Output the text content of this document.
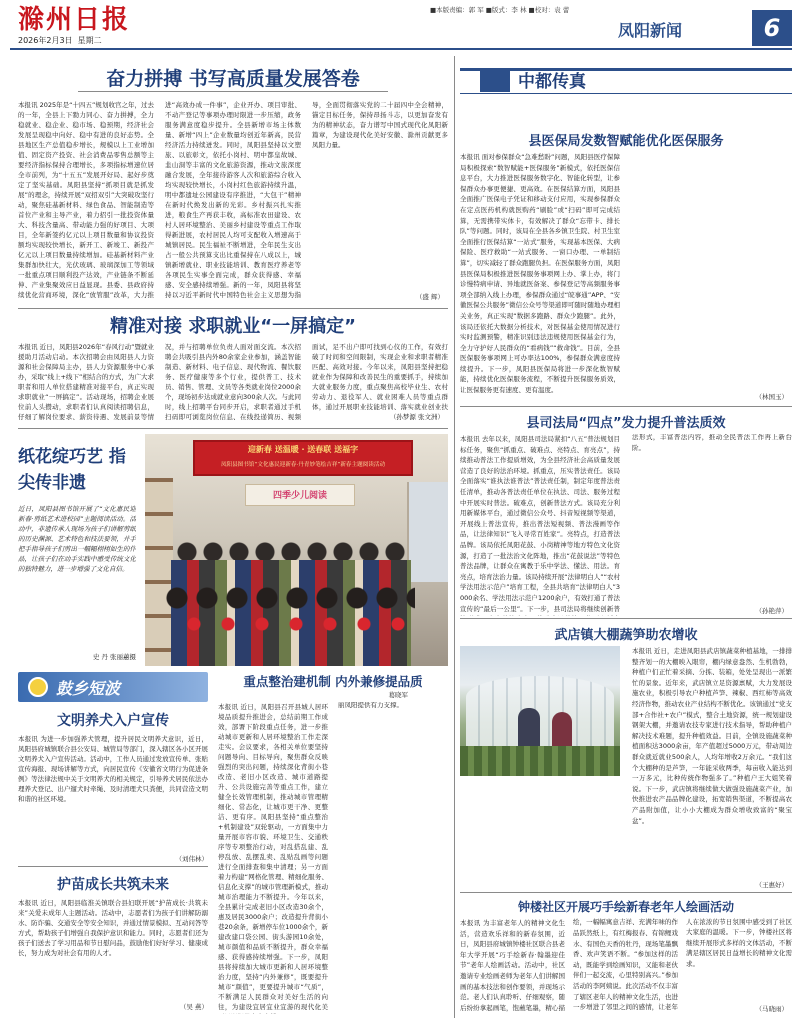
滁州日报
2026年2月3日 星期二
■本版责编：郭 军 ■版式：李 林 ■校对：袁 蕾
凤阳新闻	6
奋力拼搏 书写高质量发展答卷
本报讯 2025年是“十四五”规划收官之年，过去的一年，全县上下勠力同心、奋力拼搏，全力稳就业、稳企业、稳市场、稳预期，经济社会发展呈现稳中向好、稳中有进的良好态势。全县地区生产总值稳步增长，规模以上工业增加值、固定资产投资、社会消费品零售总额等主要经济指标保持合理增长，多项指标增速位居全市前列，为“十五五”发展开好局、起好步奠定了坚实基础。凤阳县坚持“抓项目就是抓发展”的理念，持续开展“双招双引”大突破攻坚行动，聚焦硅基新材料、绿色食品、智能制造等首位产业和主导产业，着力招引一批投资体量大、科技含量高、带动能力强的好项目、大项目，全年新签约亿元以上项目数量和协议投资额均实现较快增长，新开工、新竣工、新投产亿元以上项目数量持续增加。硅基新材料产业集群加快壮大，光伏玻璃、玻璃深加工等领域一批重点项目顺利投产达效，产业链条不断延伸、产业集聚效应日益显现。县委、县政府持续优化营商环境，深化“放管服”改革，大力推
进“高效办成一件事”，企业开办、项目审批、不动产登记等事项办理时限进一步压缩，政务服务满意度稳步提升。全县新增市场主体数量、新增“四上”企业数量均创近年新高，民营经济活力持续迸发。同时，凤阳县坚持以文塑旅、以旅彰文，依托小岗村、明中都皇故城、韭山洞等丰富的文化旅游资源，推动文旅深度融合发展，全年接待游客人次和旅游综合收入均实现较快增长，小岗村红色旅游持续升温，明中都遗址公园建设有序推进，“大包干”精神在新时代焕发出新的光彩。乡村振兴扎实推进，粮食生产再获丰收，高标准农田建设、农村人居环境整治、美丽乡村建设等重点工作取得新进展，农村居民人均可支配收入增速高于城镇居民。民生福祉不断增进，全年民生支出占一般公共预算支出比重保持在八成以上，城镇新增就业、职业技能培训、教育医疗养老等各项民生实事全面完成，群众获得感、幸福感、安全感持续增强。新的一年，凤阳县将坚持以习近平新时代中国特色社会主义思想为指
导，全面贯彻落实党的二十届四中全会精神，锚定目标任务，保持昂扬斗志，以更加奋发有为的精神状态，奋力谱写中国式现代化凤阳新篇章，为建设现代化美好安徽、滁州贡献更多凤阳力量。
（盛 辉）
精准对接 求职就业“一屏搞定”
本报讯 近日，凤阳县2026年“春风行动”暨就业援助月活动启动。本次招聘会由凤阳县人力资源和社会保障局主办，县人力资源服务中心承办，采取“线上+线下”相结合的方式，为广大求职者和用人单位搭建精准对接平台，真正实现求职就业“一屏搞定”。活动现场，招聘企业展位前人头攒动，求职者们认真阅读招聘信息，仔细了解岗位要求、薪资待遇、发展前景等情
况，并与招聘单位负责人面对面交流。本次招聘会共吸引县内外80余家企业参加，涵盖智能制造、新材料、电子信息、现代物流、餐饮服务、医疗健康等多个行业，提供普工、技术员、销售、管理、文员等各类就业岗位2000余个，现场初步达成就业意向300余人次。与此同时，线上招聘平台同步开启，求职者通过手机扫码即可浏览岗位信息、在线投递简历、视频
面试，足不出户即可找到心仪的工作，有效打破了时间和空间限制，实现企业和求职者精准匹配、高效对接。今年以来，凤阳县坚持把稳就业作为保障和改善民生的重要抓手，持续加大就业服务力度，重点聚焦高校毕业生、农村劳动力、退役军人、就业困难人员等重点群体，通过开展职业技能培训、落实就业创业扶
（孙梦源 张文洲）
纸花绽巧艺 指尖传非遗
近日，凤阳县图书馆开展了“文化惠民迎新春·剪纸艺术进校园”主题阅读活动。活动中，非遗传承人现场为孩子们讲解剪纸的历史渊源、艺术特色和技法要领，并手把手指导孩子们剪出一幅幅栩栩如生的作品，让孩子们在动手实践中感受传统文化的独特魅力，进一步增强了文化自信。
史 丹 张丽蕙摄
迎新春 送温暖 · 送春联 送福字
凤阳县图书馆“文化惠民迎新春·丹青妙笔绘吉祥”新春主题阅读活动
四季少儿阅读
鼓乡短波
文明养犬入户宣传
本报讯 为进一步加强养犬管理，提升居民文明养犬意识，近日，凤阳县府城镇联合县公安局、城管局等部门，深入辖区各小区开展文明养犬入户宣传活动。活动中，工作人员通过发放宣传单、张贴宣传海报、现场讲解等方式，向居民宣传《安徽省文明行为促进条例》等法律法规中关于文明养犬的相关规定，引导养犬居民依法办理养犬登记、出户遛犬时牵绳、及时清理犬只粪便，共同营造文明和谐的社区环境。
（刘伟林）
护苗成长共筑未来
本报讯 近日，凤阳县临淮关镇联合县妇联开展“护苗成长·共筑未来”关爱未成年人主题活动。活动中，志愿者们为孩子们讲解防溺水、防诈骗、交通安全等安全知识，并通过情景模拟、互动问答等方式，帮助孩子们增强自我保护意识和能力。同时，志愿者们还为孩子们送去了学习用品和节日慰问品，鼓励他们好好学习、健康成长，努力成为对社会有用的人才。
（吴 燕）
重点整治建机制 内外兼修提品质
葛晓军
本报讯 近日，凤阳县召开县城人居环境品质提升推进会，总结前期工作成效，部署下阶段重点任务，进一步推动城市更新和人居环境整治工作走深走实。会议要求，各相关单位要坚持问题导向、目标导向，聚焦群众反映强烈的突出问题，持续深化背街小巷改造、老旧小区改造、城市道路提升、公共设施完善等重点工作，建立健全长效管理机制，推动城市管理精细化、常态化，让城市更干净、更整洁、更有序。凤阳县坚持“重点整治+机制建设”双轮驱动，一方面集中力量开展市容市貌、环境卫生、交通秩序等专项整治行动，对乱搭乱建、乱停乱放、乱摆乱卖、乱贴乱画等问题进行全面排查和集中清理；另一方面着力构建“网格化管理、精细化服务、信息化支撑”的城市管理新模式，推动城市治理能力不断提升。今年以来，全县累计完成老旧小区改造30余个，惠及居民3000余户；改造提升背街小巷20余条，新增停车位1000余个，新建改建口袋公园、街头游园10余处，城市颜值和品质不断提升，群众幸福感、获得感持续增强。下一步，凤阳县将持续加大城市更新和人居环境整治力度，坚持“内外兼修”，既要提升城市“颜值”，更要提升城市“气质”，不断满足人民群众对美好生活的向往，为建设宜居宜业宜游的现代化美
丽凤阳提供有力支撑。
中都传真
县医保局发数智赋能优化医保服务
本报讯 面对参保群众“急难愁盼”问题，凤阳县医疗保障局积极探索“数智赋能+医保服务”新模式，依托医保信息平台，大力推进医保服务数字化、智能化转型，让参保群众办事更便捷、更高效。在医保结算方面，凤阳县全面推广医保电子凭证和移动支付应用，实现参保群众在定点医药机构就医购药“刷脸”或“扫码”即可完成结算，无需携带实体卡，有效解决了群众“忘带卡、排长队”等问题。同时，该局在全县各乡镇卫生院、村卫生室全面推行医保结算“一站式”服务，实现基本医保、大病保险、医疗救助“一站式服务、一窗口办理、一单制结算”，切实减轻了群众跑腿负担。在医保服务方面，凤阳县医保局积极推进医保服务事项网上办、掌上办，将门诊慢特病申请、异地就医备案、参保登记等高频服务事项全部纳入线上办理，参保群众通过“皖事通”APP、“安徽医保公共服务”微信公众号等渠道即可随时随地办理相关业务，真正实现“数据多跑路、群众少跑腿”。此外，该局还依托大数据分析技术，对医保基金使用情况进行实时监测预警，精准识别违法违规使用医保基金行为，全力守护好人民群众的“看病钱”“救命钱”。目前，全县医保服务事项网上可办率达100%，参保群众满意度持续提升。下一步，凤阳县医保局将进一步深化数智赋能，持续优化医保服务流程，不断提升医保服务质效，让医保服务更有速度、更有温度。
（林国玉）
县司法局“四点”发力提升普法质效
本报讯 去年以来，凤阳县司法局紧扣“八五”普法规划目标任务，聚焦“抓重点、破难点、亮特点、育亮点”，持续推动普法工作提质增效，为全县经济社会高质量发展营造了良好的法治环境。抓重点，压实普法责任。该局全面落实“谁执法谁普法”普法责任制，制定年度普法责任清单，推动各普法责任单位在执法、司法、服务过程中开展实时普法。破难点，创新普法方式。该局充分利用新媒体平台，通过微信公众号、抖音短视频等渠道，开展线上普法宣传，推出普法短视频、普法漫画等作品，让法律知识“飞入寻常百姓家”。亮特点，打造普法品牌。该局依托凤阳花鼓、小岗精神等地方特色文化资源，打造了一批法治文化阵地，推出“花鼓说法”等特色普法品牌，让群众在寓教于乐中学法、懂法、用法。育亮点，培育法治力量。该局持续开展“法律明白人”“农村学法用法示范户”培育工程，全县共培育“法律明白人”3000余名、学法用法示范户1200余户，有效打通了普法宣传的“最后一公里”。下一步，县司法局将继续创新普
法形式，丰富普法内容，推动全民普法工作再上新台阶。
（孙艳萍）
武店镇大棚蔬笋助农增收
本报讯 近日，走进凤阳县武店镇蔬菜种植基地，一排排整齐划一的大棚映入眼帘，棚内绿意盎然、生机勃勃，种植户们正忙着采摘、分拣、装箱，处处呈现出一派繁忙的景象。近年来，武店镇立足资源禀赋，大力发展设施农业，积极引导农户种植芦笋、辣椒、西红柿等高效经济作物，推动农业产业结构不断优化。该镇通过“党支部+合作社+农户”模式，整合土地资源，统一规划建设钢架大棚，并邀请农技专家进行技术指导，帮助种植户解决技术难题，提升种植效益。目前，全镇设施蔬菜种植面积达3000余亩，年产值超过5000万元，带动周边群众就近就业500余人，人均年增收2万余元。“我们这个大棚种的是芦笋，一年能采收两季，每亩收入能达到一万多元，比种传统作物强多了。”种植户王大姐笑着说。下一步，武店镇将继续做大做强设施蔬菜产业，加快推进农产品品牌化建设，拓宽销售渠道，不断提高农产品附加值，让小小大棚成为群众增收致富的“聚宝盆”。
（王惠好）
钟楼社区开展巧手绘新春老年人绘画活动
本报讯 为丰富老年人的精神文化生活，营造欢乐祥和的新春氛围，近日，凤阳县府城镇钟楼社区联合县老年大学开展“巧手绘新春·翰墨迎佳节”老年人绘画活动。活动中，社区邀请专业绘画老师为老年人们讲解国画的基本技法和创作要领，并现场示范。老人们认真聆听、仔细观察，随后纷纷拿起画笔，饱蘸笔墨，精心描
绘，一幅幅寓意吉祥、充满年味的作品跃然纸上，有红梅报春、有锦鲤戏水、有国色天香的牡丹，现场笔墨飘香、欢声笑语不断。“参加这样的活动，既能学到绘画知识，又能和老伙伴们一起交流，心里特别高兴。”参加活动的李阿姨说。此次活动不仅丰富了辖区老年人的精神文化生活，也进一步增进了邻里之间的感情，让老年
人在浓浓的节日氛围中感受到了社区大家庭的温暖。下一步，钟楼社区将继续开展形式多样的文体活动，不断满足辖区居民日益增长的精神文化需求。
（马晓雨）
